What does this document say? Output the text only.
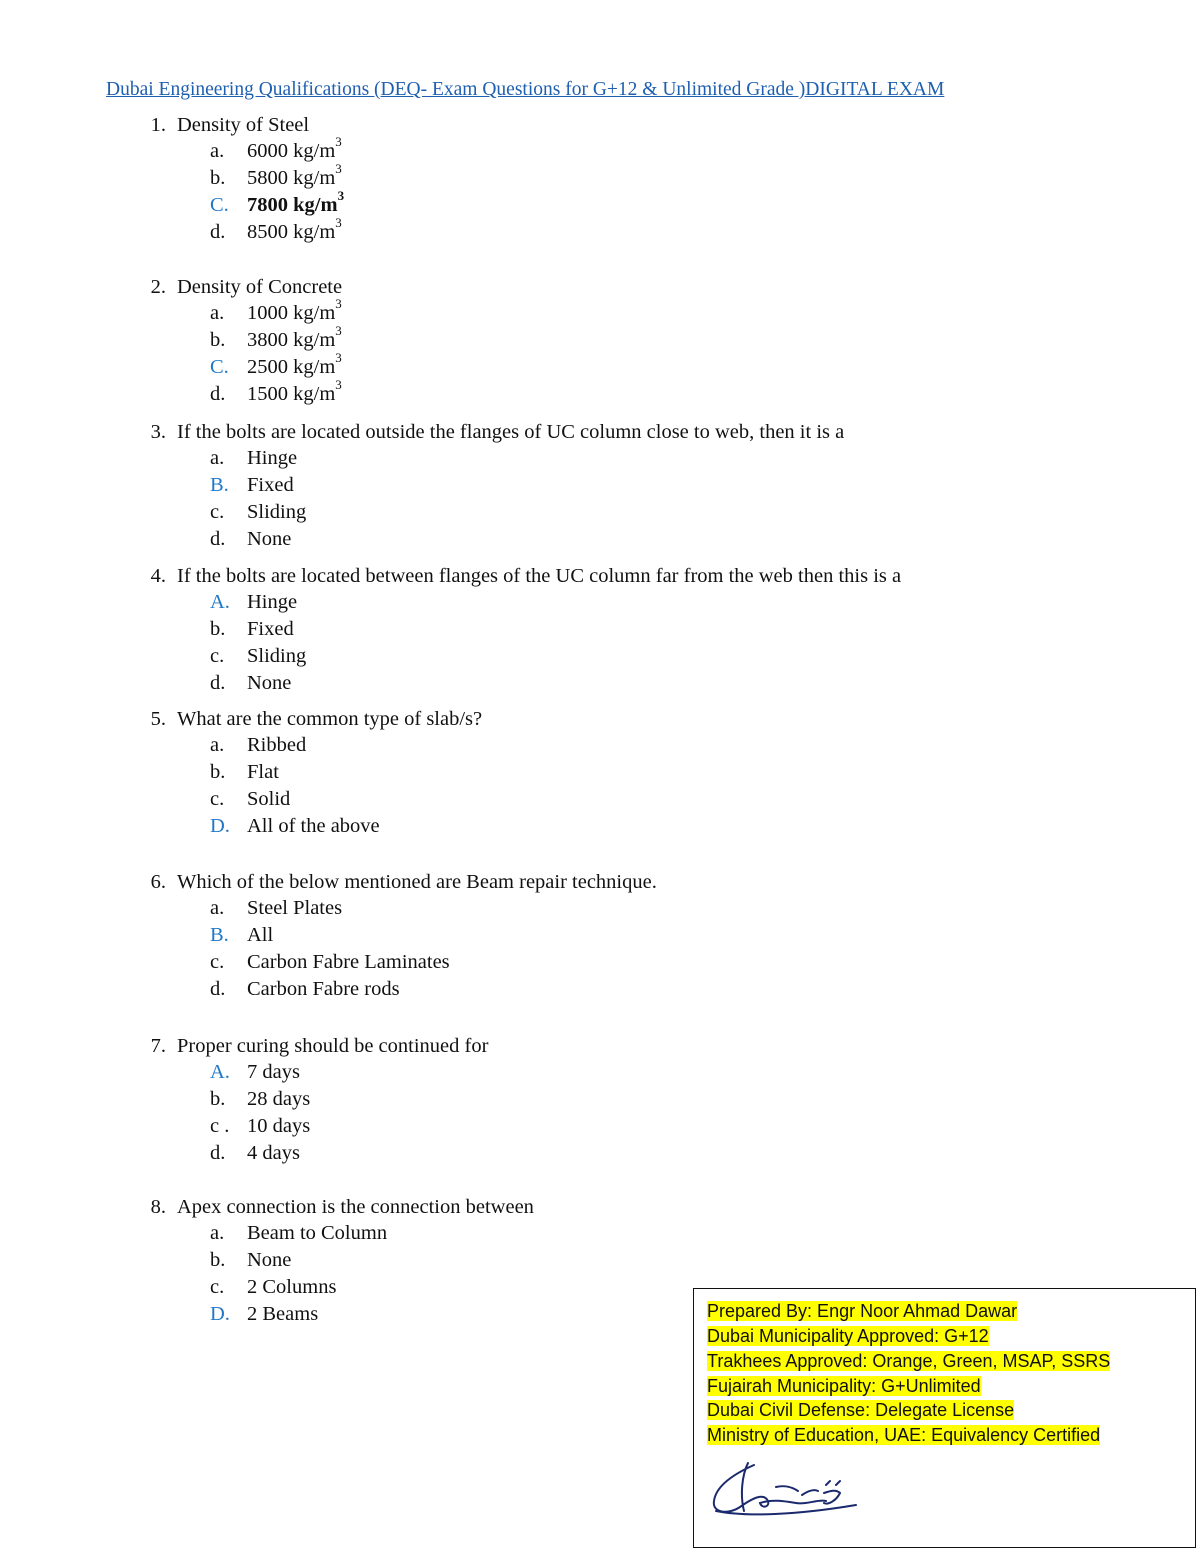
Dubai Engineering Qualifications (DEQ- Exam Questions for G+12 & Unlimited Grade )DIGITAL EXAM
1. Density of Steel
a.	6000 $kg/m^3$
b.	5800 $kg/m^3$
C. 7800 $kg/m^3$
d.	8500 $kg/m^3$
2. Density of Concrete
a.	1000 $kg/m^3$
b.	3800 $kg/m^3$
C. 2500 $kg/m^3$
d.	1500 $kg/m^3$
3. If the bolts are located outside the flanges of UC column close to web, then it is a
a.	Hinge
B. Fixed
c.	Sliding
d.	None
4. If the bolts are located between flanges of the UC column far from the web then this is a
A. Hinge
b.	Fixed
c.	Sliding
d.	None
5. What are the common type of slab/s?
a.	Ribbed
b.	Flat
c.	Solid
D. All of the above
6. Which of the below mentioned are Beam repair technique.
a.	Steel Plates
B. All
c.	Carbon Fabre Laminates
d.	Carbon Fabre rods
7. Proper curing should be continued for
A. 7 days
b.	28 days
c . 10 days
d.	4 days
8. Apex connection is the connection between
a.	Beam to Column
b.	None
c.	2 Columns
D. 2 Beams	Prepared By: Engr Noor Ahmad Dawar
Dubai Municipality Approved: G+12
Trakhees Approved: Orange, Green, MSAP, SSRS
Fujairah Municipality: G+Unlimited
Dubai Civil Defense: Delegate License
Ministry of Education, UAE: Equivalency Certified
